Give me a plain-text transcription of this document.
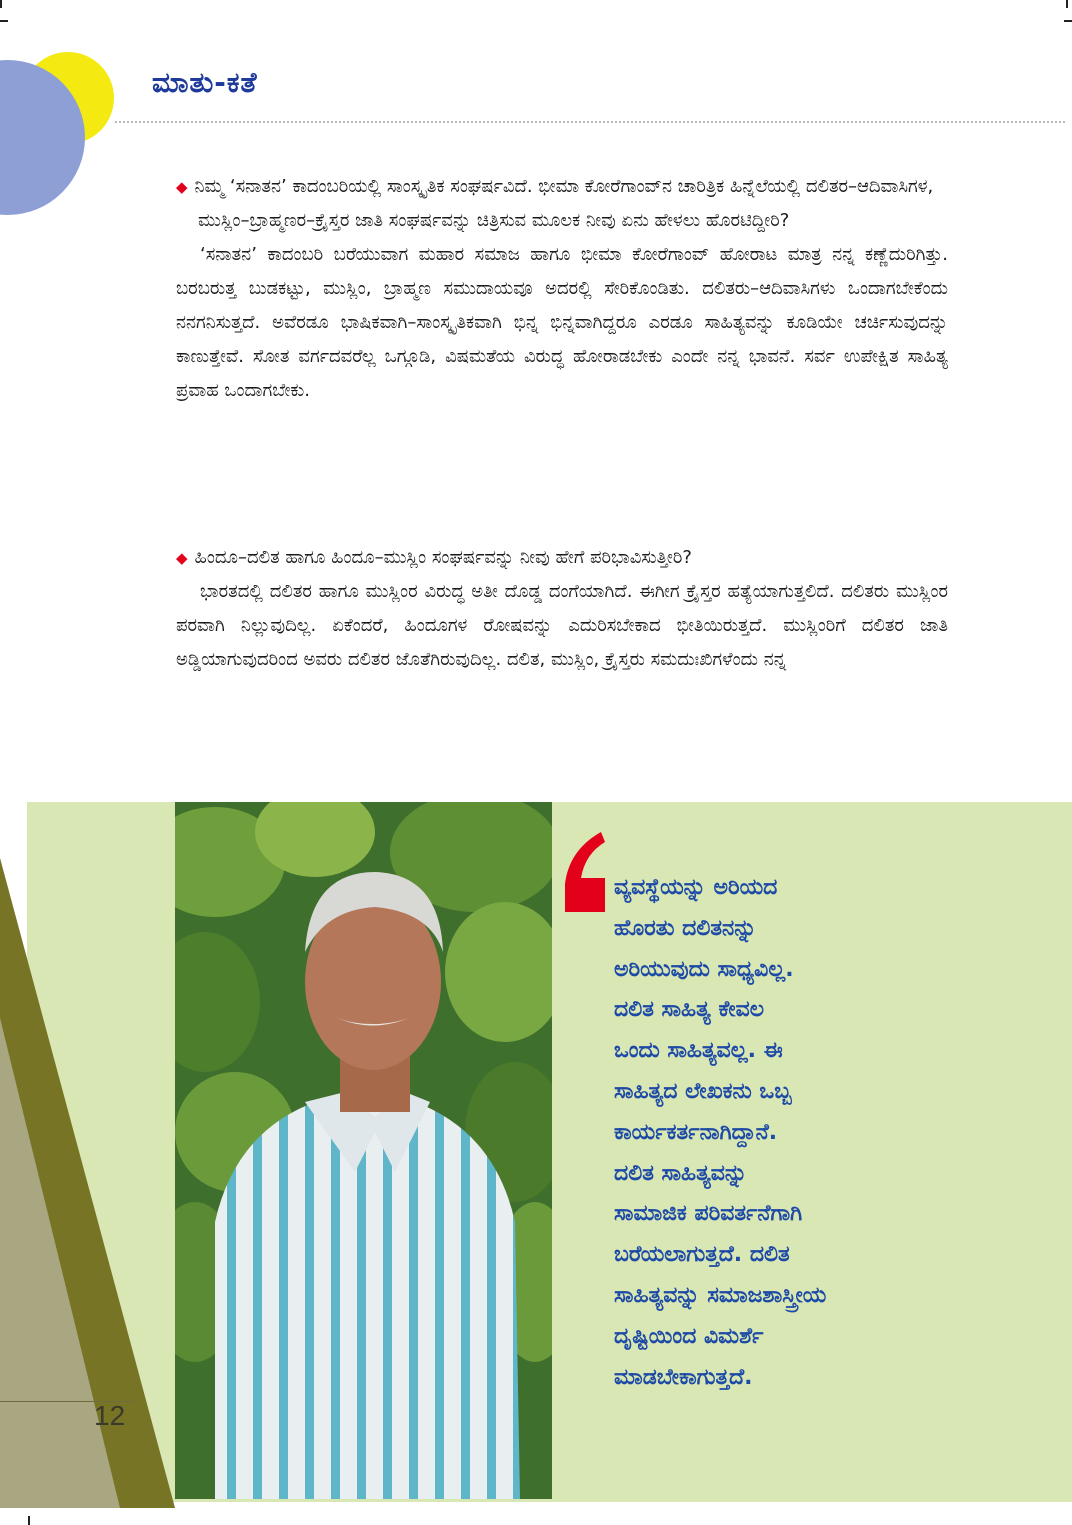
ಮಾತು-ಕತೆ

◆ ನಿಮ್ಮ ‘ಸನಾತನ’ ಕಾದಂಬರಿಯಲ್ಲಿ ಸಾಂಸ್ಕೃತಿಕ ಸಂಘರ್ಷವಿದೆ. ಭೀಮಾ ಕೋರೆಗಾಂವ್‌ನ ಚಾರಿತ್ರಿಕ ಹಿನ್ನೆಲೆಯಲ್ಲಿ ದಲಿತರ–ಆದಿವಾಸಿಗಳ, ಮುಸ್ಲಿಂ–ಬ್ರಾಹ್ಮಣರ–ಕ್ರೈಸ್ತರ ಜಾತಿ ಸಂಘರ್ಷವನ್ನು ಚಿತ್ರಿಸುವ ಮೂಲಕ ನೀವು ಏನು ಹೇಳಲು ಹೊರಟಿದ್ದೀರಿ?

‘ಸನಾತನ’ ಕಾದಂಬರಿ ಬರೆಯುವಾಗ ಮಹಾರ ಸಮಾಜ ಹಾಗೂ ಭೀಮಾ ಕೋರೆಗಾಂವ್ ಹೋರಾಟ ಮಾತ್ರ ನನ್ನ ಕಣ್ಣೆದುರಿಗಿತ್ತು. ಬರಬರುತ್ತ ಬುಡಕಟ್ಟು, ಮುಸ್ಲಿಂ, ಬ್ರಾಹ್ಮಣ ಸಮುದಾಯವೂ ಅದರಲ್ಲಿ ಸೇರಿಕೊಂಡಿತು. ದಲಿತರು–ಆದಿವಾಸಿಗಳು ಒಂದಾಗಬೇಕೆಂದು ನನಗನಿಸುತ್ತದೆ. ಅವೆರಡೂ ಭಾಷಿಕವಾಗಿ–ಸಾಂಸ್ಕೃತಿಕವಾಗಿ ಭಿನ್ನ ಭಿನ್ನವಾಗಿದ್ದರೂ ಎರಡೂ ಸಾಹಿತ್ಯವನ್ನು ಕೂಡಿಯೇ ಚರ್ಚಿಸುವುದನ್ನು ಕಾಣುತ್ತೇವೆ. ಸೋತ ವರ್ಗದವರೆಲ್ಲ ಒಗ್ಗೂಡಿ, ವಿಷಮತೆಯ ವಿರುದ್ಧ ಹೋರಾಡಬೇಕು ಎಂದೇ ನನ್ನ ಭಾವನೆ. ಸರ್ವ ಉಪೇಕ್ಷಿತ ಸಾಹಿತ್ಯ ಪ್ರವಾಹ ಒಂದಾಗಬೇಕು.

◆ ಹಿಂದೂ–ದಲಿತ ಹಾಗೂ ಹಿಂದೂ–ಮುಸ್ಲಿಂ ಸಂಘರ್ಷವನ್ನು ನೀವು ಹೇಗೆ ಪರಿಭಾವಿಸುತ್ತೀರಿ?

ಭಾರತದಲ್ಲಿ ದಲಿತರ ಹಾಗೂ ಮುಸ್ಲಿಂರ ವಿರುದ್ಧ ಅತೀ ದೊಡ್ಡ ದಂಗೆಯಾಗಿದೆ. ಈಗೀಗ ಕ್ರೈಸ್ತರ ಹತ್ಯೆಯಾಗುತ್ತಲಿದೆ. ದಲಿತರು ಮುಸ್ಲಿಂರ ಪರವಾಗಿ ನಿಲ್ಲುವುದಿಲ್ಲ. ಏಕೆಂದರೆ, ಹಿಂದೂಗಳ ರೋಷವನ್ನು ಎದುರಿಸಬೇಕಾದ ಭೀತಿಯಿರುತ್ತದೆ. ಮುಸ್ಲಿಂರಿಗೆ ದಲಿತರ ಜಾತಿ ಅಡ್ಡಿಯಾಗುವುದರಿಂದ ಅವರು ದಲಿತರ ಜೊತೆಗಿರುವುದಿಲ್ಲ. ದಲಿತ, ಮುಸ್ಲಿಂ, ಕ್ರೈಸ್ತರು ಸಮದುಃಖಿಗಳೆಂದು ನನ್ನ

12

ವ್ಯವಸ್ಥೆಯನ್ನು ಅರಿಯದ

ಹೊರತು ದಲಿತನನ್ನು

ಅರಿಯುವುದು ಸಾಧ್ಯವಿಲ್ಲ.

ದಲಿತ ಸಾಹಿತ್ಯ ಕೇವಲ

ಒಂದು ಸಾಹಿತ್ಯವಲ್ಲ. ಈ

ಸಾಹಿತ್ಯದ ಲೇಖಕನು ಒಬ್ಬ

ಕಾರ್ಯಕರ್ತನಾಗಿದ್ದಾನೆ.

ದಲಿತ ಸಾಹಿತ್ಯವನ್ನು

ಸಾಮಾಜಿಕ ಪರಿವರ್ತನೆಗಾಗಿ

ಬರೆಯಲಾಗುತ್ತದೆ. ದಲಿತ

ಸಾಹಿತ್ಯವನ್ನು ಸಮಾಜಶಾಸ್ತ್ರೀಯ

ದೃಷ್ಟಿಯಿಂದ ವಿಮರ್ಶೆ

ಮಾಡಬೇಕಾಗುತ್ತದೆ.
